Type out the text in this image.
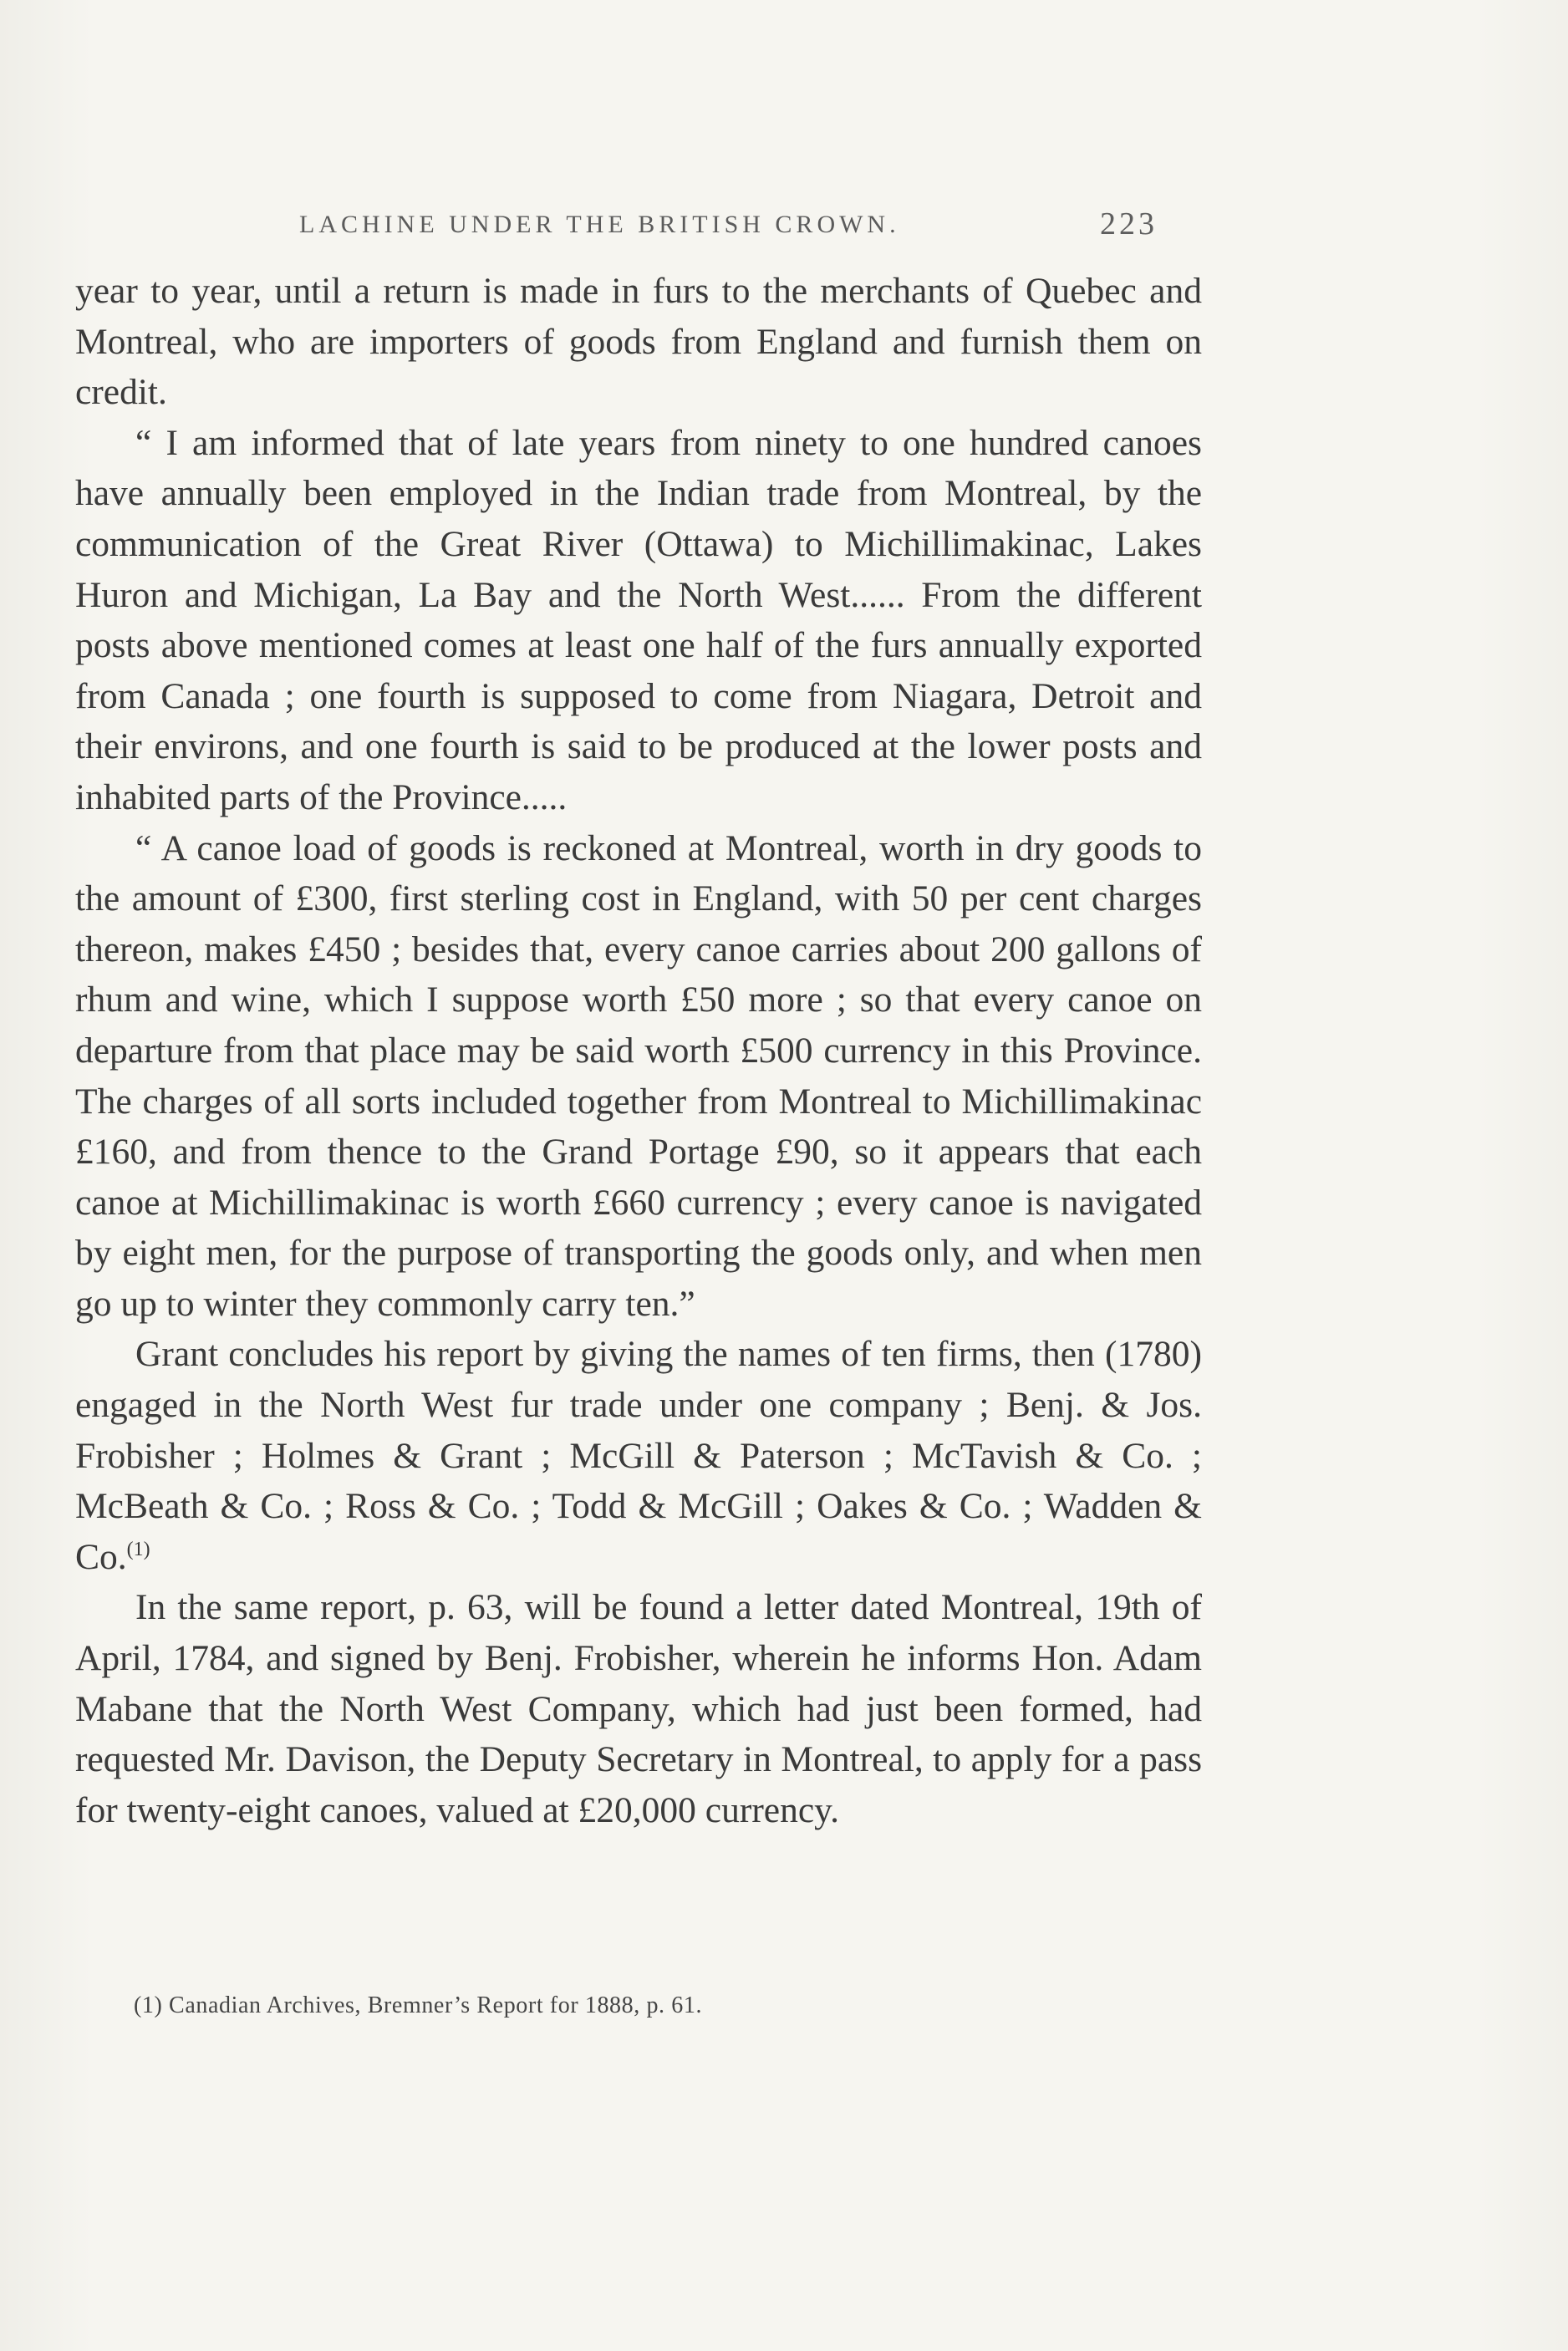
LACHINE UNDER THE BRITISH CROWN.	223

year to year, until a return is made in furs to the merchants of Quebec and Montreal, who are importers of goods from England and furnish them on credit.

“ I am informed that of late years from ninety to one hundred canoes have annually been employed in the Indian trade from Montreal, by the communication of the Great River (Ottawa) to Michillimakinac, Lakes Huron and Michigan, La Bay and the North West...... From the different posts above mentioned comes at least one half of the furs annually exported from Canada ; one fourth is supposed to come from Niagara, Detroit and their environs, and one fourth is said to be produced at the lower posts and inhabited parts of the Province.....

“ A canoe load of goods is reckoned at Montreal, worth in dry goods to the amount of £300, first sterling cost in England, with 50 per cent charges thereon, makes £450 ; besides that, every canoe carries about 200 gallons of rhum and wine, which I suppose worth £50 more ; so that every canoe on departure from that place may be said worth £500 currency in this Province. The charges of all sorts included together from Montreal to Michillimakinac £160, and from thence to the Grand Portage £90, so it appears that each canoe at Michillimakinac is worth £660 currency ; every canoe is navigated by eight men, for the purpose of transporting the goods only, and when men go up to winter they commonly carry ten.”

Grant concludes his report by giving the names of ten firms, then (1780) engaged in the North West fur trade under one company ; Benj. & Jos. Frobisher ; Holmes & Grant ; McGill & Paterson ; McTavish & Co. ; McBeath & Co. ; Ross & Co. ; Todd & McGill ; Oakes & Co. ; Wadden & Co.$^{(1)}$

In the same report, p. 63, will be found a letter dated Montreal, 19th of April, 1784, and signed by Benj. Frobisher, wherein he informs Hon. Adam Mabane that the North West Company, which had just been formed, had requested Mr. Davison, the Deputy Secretary in Montreal, to apply for a pass for twenty-eight canoes, valued at £20,000 currency.

(1) Canadian Archives, Bremner’s Report for 1888, p. 61.
